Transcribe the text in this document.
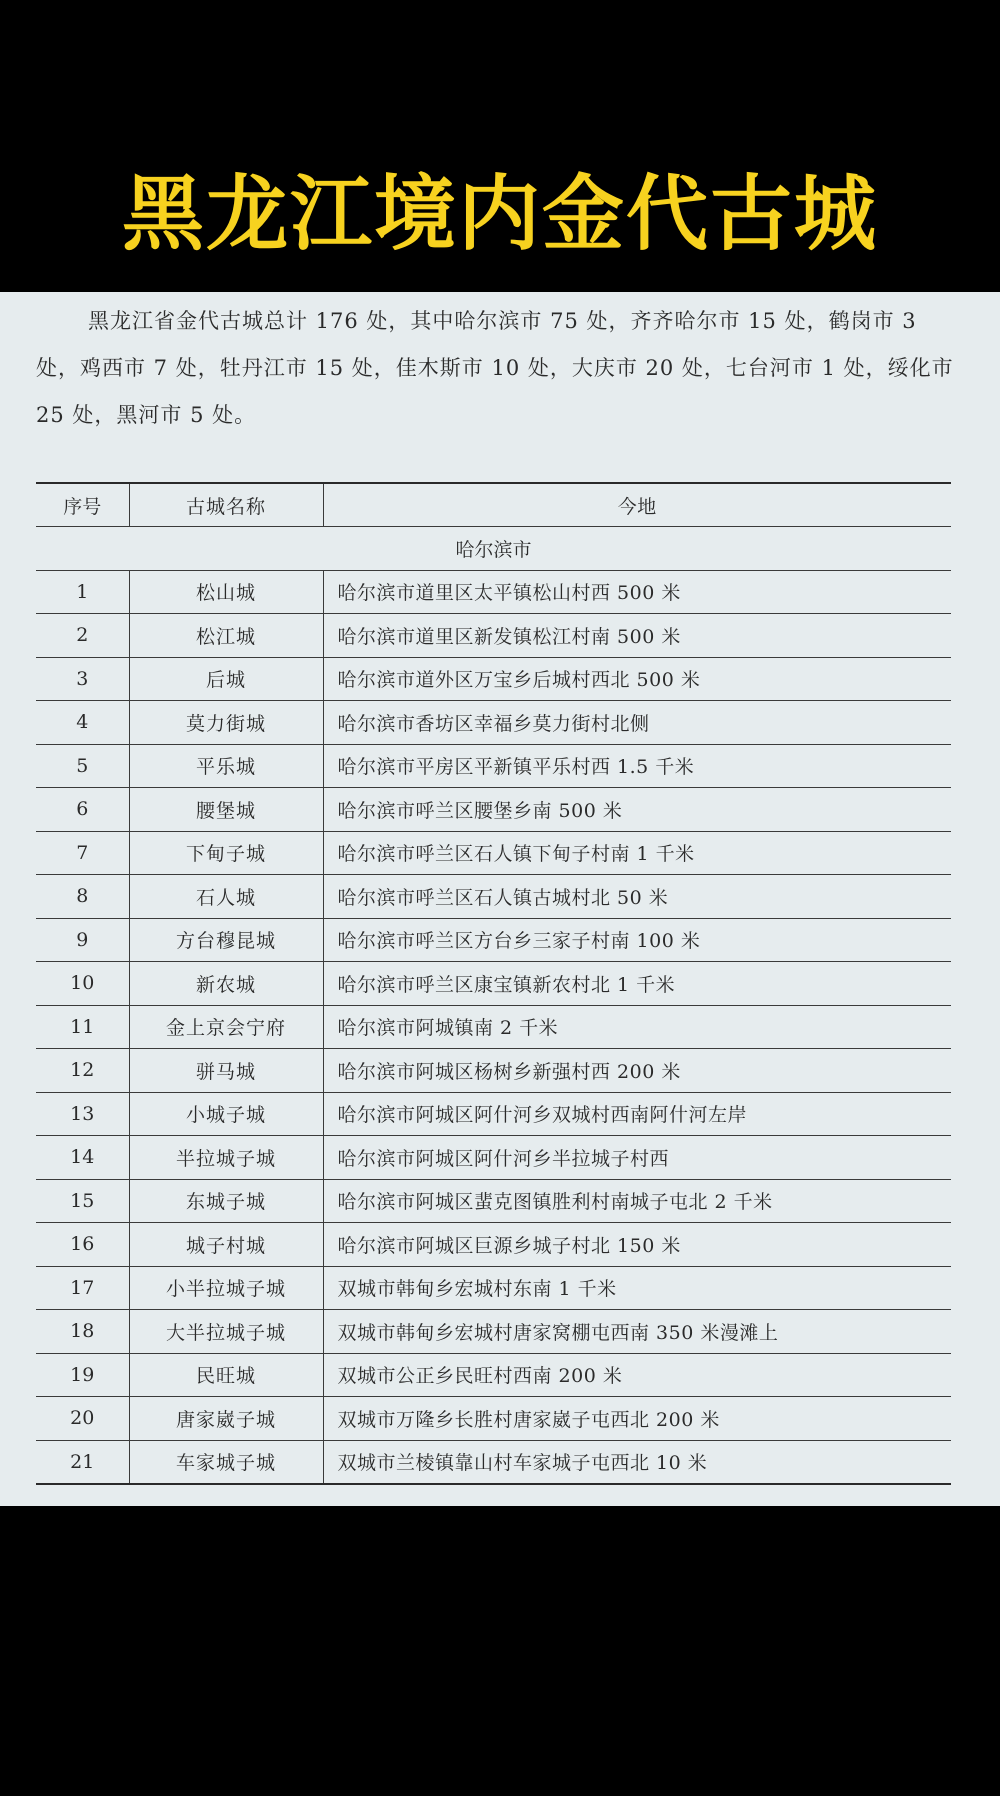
黑龙江境内金代古城
黑龙江省金代古城总计 176 处，其中哈尔滨市 75 处，齐齐哈尔市 15 处，鹤岗市 3 处，鸡西市 7 处，牡丹江市 15 处，佳木斯市 10 处，大庆市 20 处，七台河市 1 处，绥化市 25 处，黑河市 5 处。
序号	古城名称	今地
哈尔滨市		
1	松山城	哈尔滨市道里区太平镇松山村西 500 米
2	松江城	哈尔滨市道里区新发镇松江村南 500 米
3	后城	哈尔滨市道外区万宝乡后城村西北 500 米
4	莫力街城	哈尔滨市香坊区幸福乡莫力街村北侧
5	平乐城	哈尔滨市平房区平新镇平乐村西 1.5 千米
6	腰堡城	哈尔滨市呼兰区腰堡乡南 500 米
7	下甸子城	哈尔滨市呼兰区石人镇下甸子村南 1 千米
8	石人城	哈尔滨市呼兰区石人镇古城村北 50 米
9	方台穆昆城	哈尔滨市呼兰区方台乡三家子村南 100 米
10	新农城	哈尔滨市呼兰区康宝镇新农村北 1 千米
11	金上京会宁府	哈尔滨市阿城镇南 2 千米
12	骈马城	哈尔滨市阿城区杨树乡新强村西 200 米
13	小城子城	哈尔滨市阿城区阿什河乡双城村西南阿什河左岸
14	半拉城子城	哈尔滨市阿城区阿什河乡半拉城子村西
15	东城子城	哈尔滨市阿城区蜚克图镇胜利村南城子屯北 2 千米
16	城子村城	哈尔滨市阿城区巨源乡城子村北 150 米
17	小半拉城子城	双城市韩甸乡宏城村东南 1 千米
18	大半拉城子城	双城市韩甸乡宏城村唐家窝棚屯西南 350 米漫滩上
19	民旺城	双城市公正乡民旺村西南 200 米
20	唐家崴子城	双城市万隆乡长胜村唐家崴子屯西北 200 米
21	车家城子城	双城市兰棱镇靠山村车家城子屯西北 10 米
